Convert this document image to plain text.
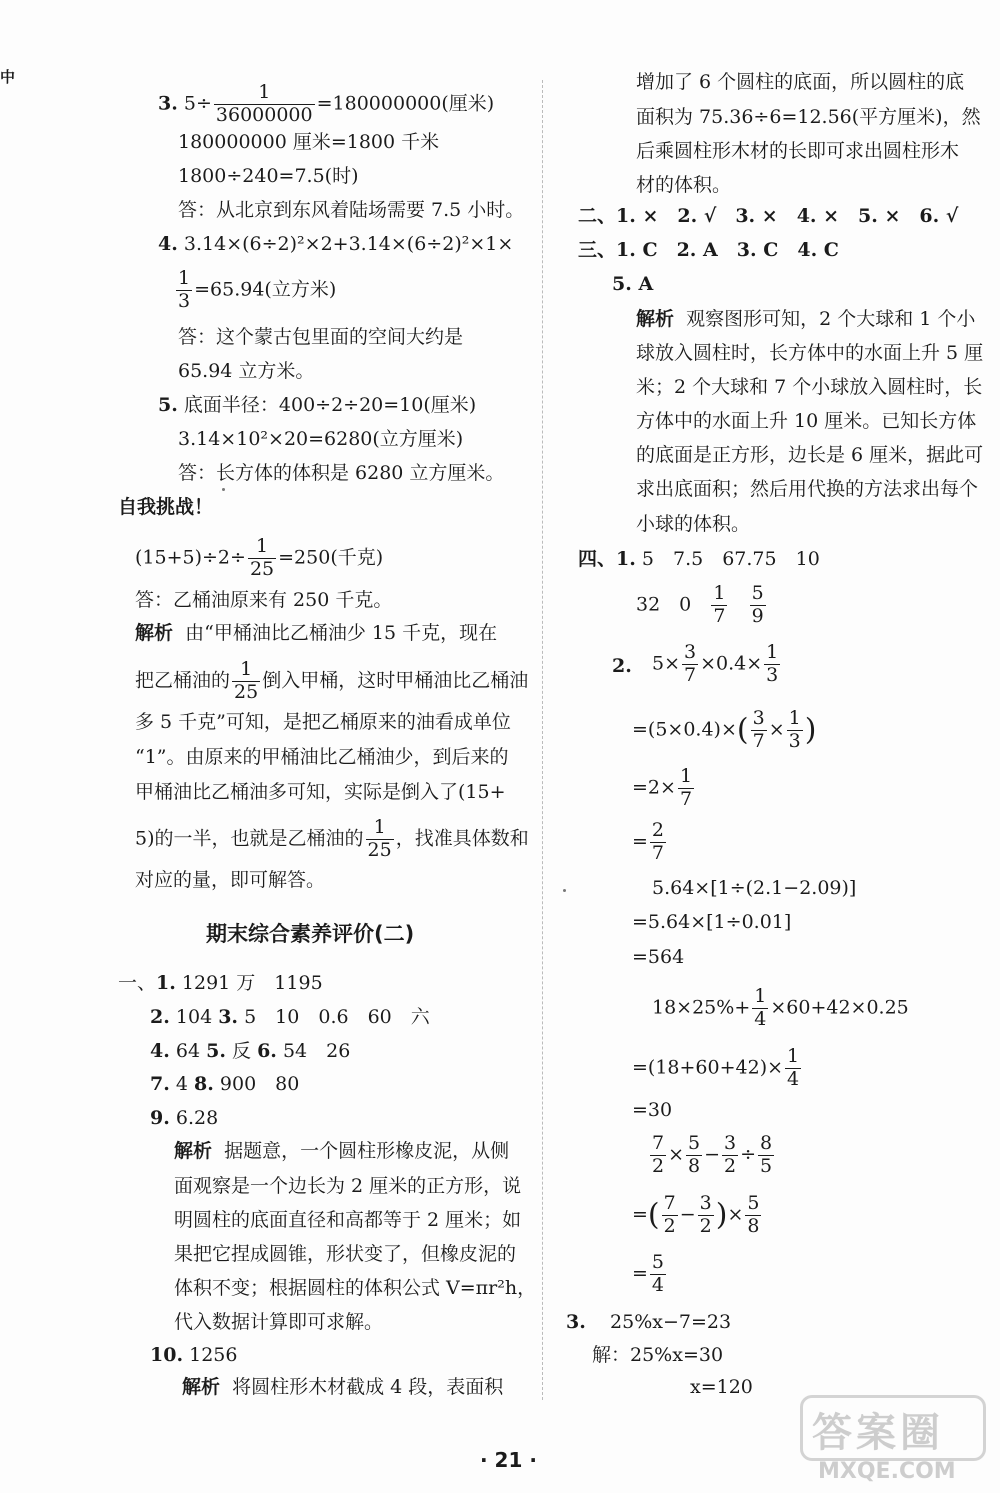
中
3. $5\div \frac{1}{36000000} =180000000$(厘米)
180000000 厘米=1800 千米
1800÷240=7.5(时)
答：从北京到东风着陆场需要 7.5 小时。
4. 3.14×(6÷2)²×2+3.14×(6÷2)²×1×
$\frac{1}{3} =65.94$(立方米)
答：这个蒙古包里面的空间大约是
65.94 立方米。
5. 底面半径：400÷2÷20=10(厘米)
3.14×10²×20=6280(立方厘米)
答：长方体的体积是 6280 立方厘米。
自我挑战！
$(15+5)\div 2\div \frac{1}{25} =250$(千克)
答：乙桶油原来有 250 千克。
解析 由“甲桶油比乙桶油少 15 千克，现在
把乙桶油的 $\frac{1}{25}$ 倒入甲桶，这时甲桶油比乙桶油
多 5 千克”可知，是把乙桶原来的油看成单位
“1”。由原来的甲桶油比乙桶油少，到后来的
甲桶油比乙桶油多可知，实际是倒入了(15+
5)的一半，也就是乙桶油的 $\frac{1}{25}$ ，找准具体数和
对应的量，即可解答。
期末综合素养评价(二)
一、1. 1291 万　1195
2. 104 3. 5　10　0.6　60　六
4. 64 5. 反 6. 54　26
7. 4 8. 900　80
9. 6.28
解析 据题意，一个圆柱形橡皮泥，从侧
面观察是一个边长为 2 厘米的正方形，说
明圆柱的底面直径和高都等于 2 厘米；如
果把它捏成圆锥，形状变了，但橡皮泥的
体积不变；根据圆柱的体积公式 V=πr²h，
代入数据计算即可求解。
10. 1256
解析 将圆柱形木材截成 4 段，表面积
增加了 6 个圆柱的底面，所以圆柱的底
面积为 75.36÷6=12.56(平方厘米)，然
后乘圆柱形木材的长即可求出圆柱形木
材的体积。
二、1. ×　2. √　3. ×　4. ×　5. ×　6. √
三、1. C　2. A　3. C　4. C
5. A
解析 观察图形可知，2 个大球和 1 个小
球放入圆柱时，长方体中的水面上升 5 厘
米；2 个大球和 7 个小球放入圆柱时，长
方体中的水面上升 10 厘米。已知长方体
的底面是正方形，边长是 6 厘米，据此可
求出底面积；然后用代换的方法求出每个
小球的体积。
四、1. 5　7.5　67.75　10
32　$0 \frac{1}{7}$
$\frac{5}{9}$
2. $5\times \frac{3}{7} \times 0.4\times \frac{1}{3}$
$=(5\times 0.4)\times( \frac{3}{7} \times \frac{1}{3}$ )
$=2\times \frac{1}{7}$
= $\frac{2}{7}$
5.64×[1÷(2.1−2.09)]
=5.64×[1÷0.01]
=564
$18\times 25\%+ \frac{1}{4} \times 60+42\times 0.25$
$=(18+60+42)\times \frac{1}{4}$
=30
$\frac{7}{2} \times \frac{5}{8} - \frac{3}{2} \div \frac{8}{5}$
=( $\frac{7}{2} - \frac{3}{2}$ )× $\frac{5}{8}$
= $\frac{5}{4}$
3. 25%x−7=23
解：25%x=30
x=120
· 21 ·
答案圈
MXQE.COM
